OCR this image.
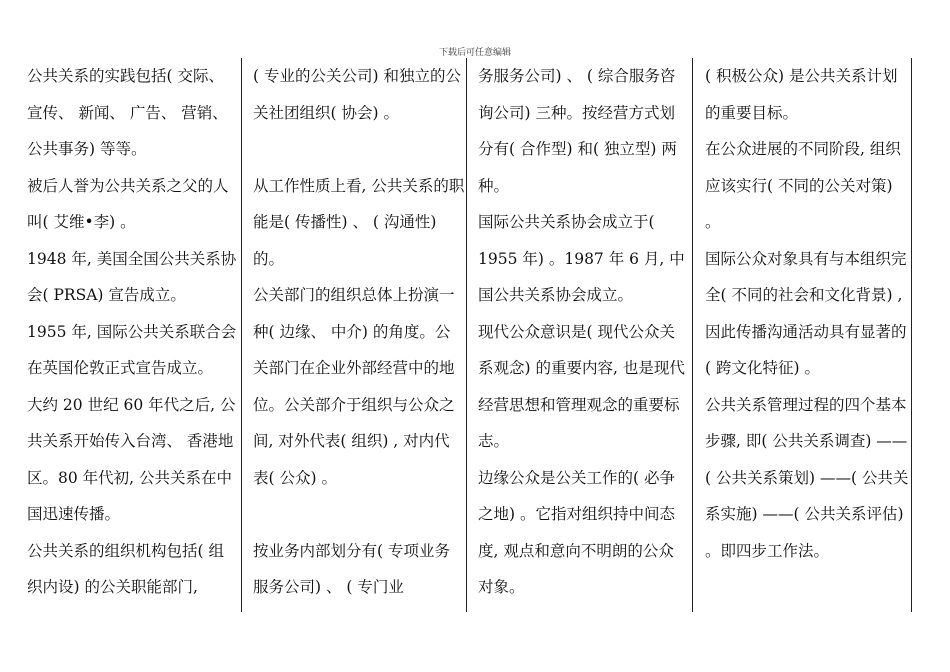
下载后可任意编辑

公共关系的实践包括( 交际、 宣传、 新闻、 广告、 营销、 公共事务) 等等。

被后人誉为公共关系之父的人叫( 艾维•李) 。

1948 年, 美国全国公共关系协会( PRSA) 宣告成立。

1955 年, 国际公共关系联合会在英国伦敦正式宣告成立。

大约 20 世纪 60 年代之后, 公共关系开始传入台湾、 香港地区。80 年代初, 公共关系在中国迅速传播。

公共关系的组织机构包括( 组织内设) 的公关职能部门,

( 专业的公关公司) 和独立的公关社团组织( 协会) 。

从工作性质上看, 公共关系的职能是( 传播性) 、 ( 沟通性) 的。

公关部门的组织总体上扮演一种( 边缘、 中介) 的角度。公关部门在企业外部经营中的地位。公关部介于组织与公众之间, 对外代表( 组织) , 对内代表( 公众) 。

按业务内部划分有( 专项业务服务公司) 、 ( 专门业

务服务公司) 、 ( 综合服务咨询公司) 三种。按经营方式划分有( 合作型) 和( 独立型) 两种。

国际公共关系协会成立于( 1955 年) 。1987 年 6 月, 中国公共关系协会成立。

现代公众意识是( 现代公众关系观念) 的重要内容, 也是现代经营思想和管理观念的重要标志。

边缘公众是公关工作的( 必争之地) 。它指对组织持中间态度, 观点和意向不明朗的公众对象。

( 积极公众) 是公共关系计划的重要目标。

在公众进展的不同阶段, 组织应该实行( 不同的公关对策) 。

国际公众对象具有与本组织完全( 不同的社会和文化背景) , 因此传播沟通活动具有显著的( 跨文化特征) 。

公共关系管理过程的四个基本步骤, 即( 公共关系调查) ——( 公共关系策划) ——( 公共关系实施) ——( 公共关系评估) 。即四步工作法。
